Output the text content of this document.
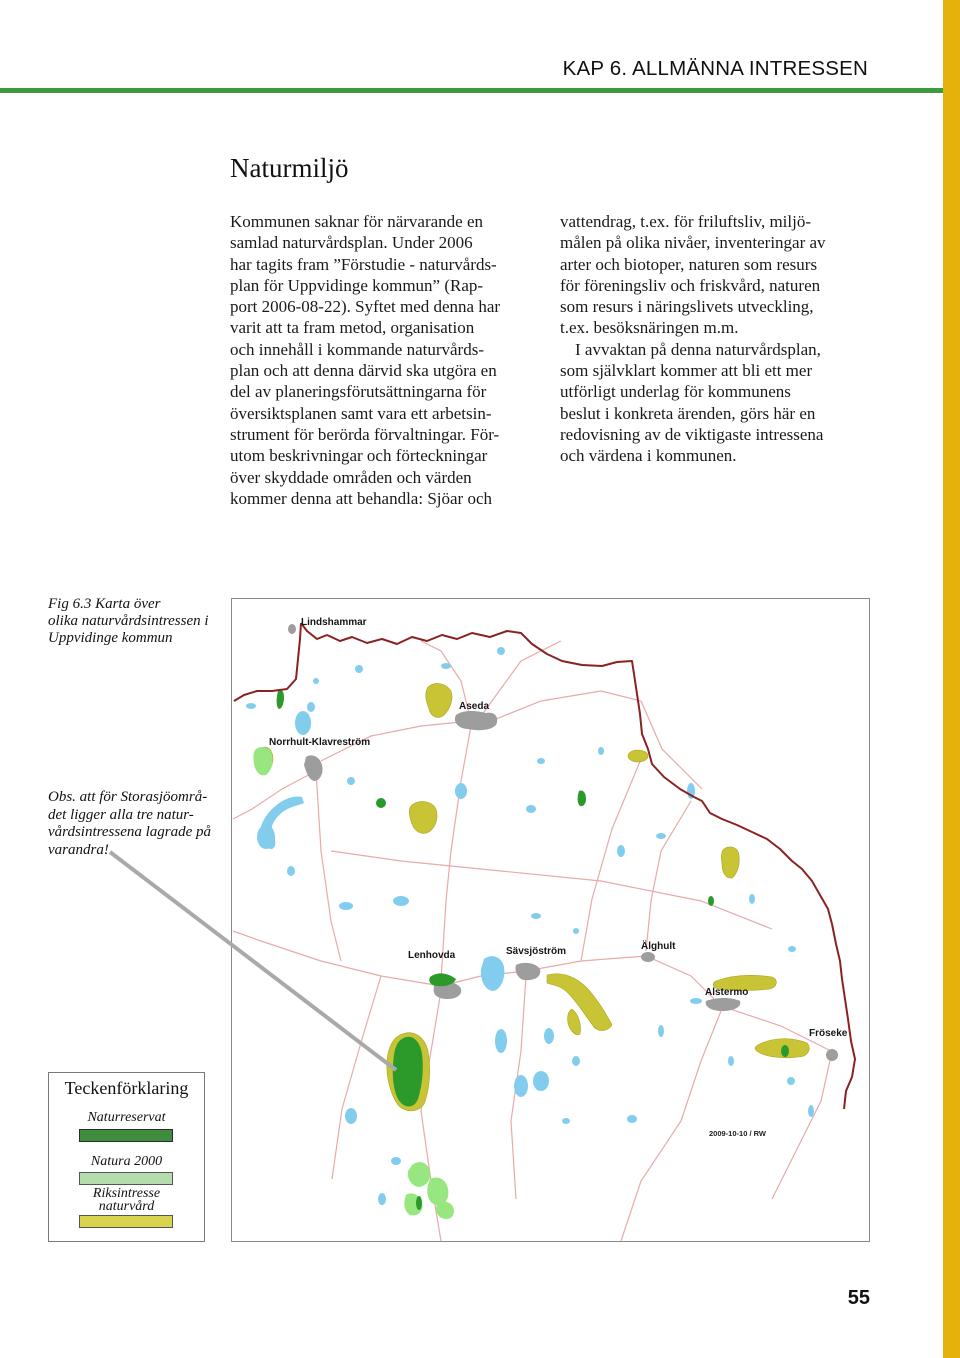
KAP 6. ALLMÄNNA INTRESSEN
Naturmiljö
Kommunen saknar för närvarande en
samlad naturvårdsplan. Under 2006
har tagits fram ”Förstudie - naturvårds-
plan för Uppvidinge kommun” (Rap-
port 2006-08-22). Syftet med denna har
varit att ta fram metod, organisation
och innehåll i kommande naturvårds-
plan och att denna därvid ska utgöra en
del av planeringsförutsättningarna för
översiktsplanen samt vara ett arbetsin-
strument för berörda förvaltningar. För-
utom beskrivningar och förteckningar
över skyddade områden och värden
kommer denna att behandla: Sjöar och
vattendrag, t.ex. för friluftsliv, miljö-
målen på olika nivåer, inventeringar av
arter och biotoper, naturen som resurs
för föreningsliv och friskvård, naturen
som resurs i näringslivets utveckling,
t.ex. besöksnäringen m.m.
I avvaktan på denna naturvårdsplan,
som självklart kommer att bli ett mer
utförligt underlag för kommunens
beslut i konkreta ärenden, görs här en
redovisning av de viktigaste intressena
och värdena i kommunen.
Fig 6.3 Karta över
olika naturvårdsintressen i
Uppvidinge kommun
Obs. att för Storasjöområ-
det ligger alla tre natur-
vårdsintressena lagrade på
varandra!
Lindshammar
Aseda
Norrhult-Klavreström
Lenhovda	Sävsjöström	Älghult
Alstermo
Fröseke
2009-10-10 / RW
Teckenförklaring
Naturreservat
Natura 2000
Riksintresse
naturvård
55
